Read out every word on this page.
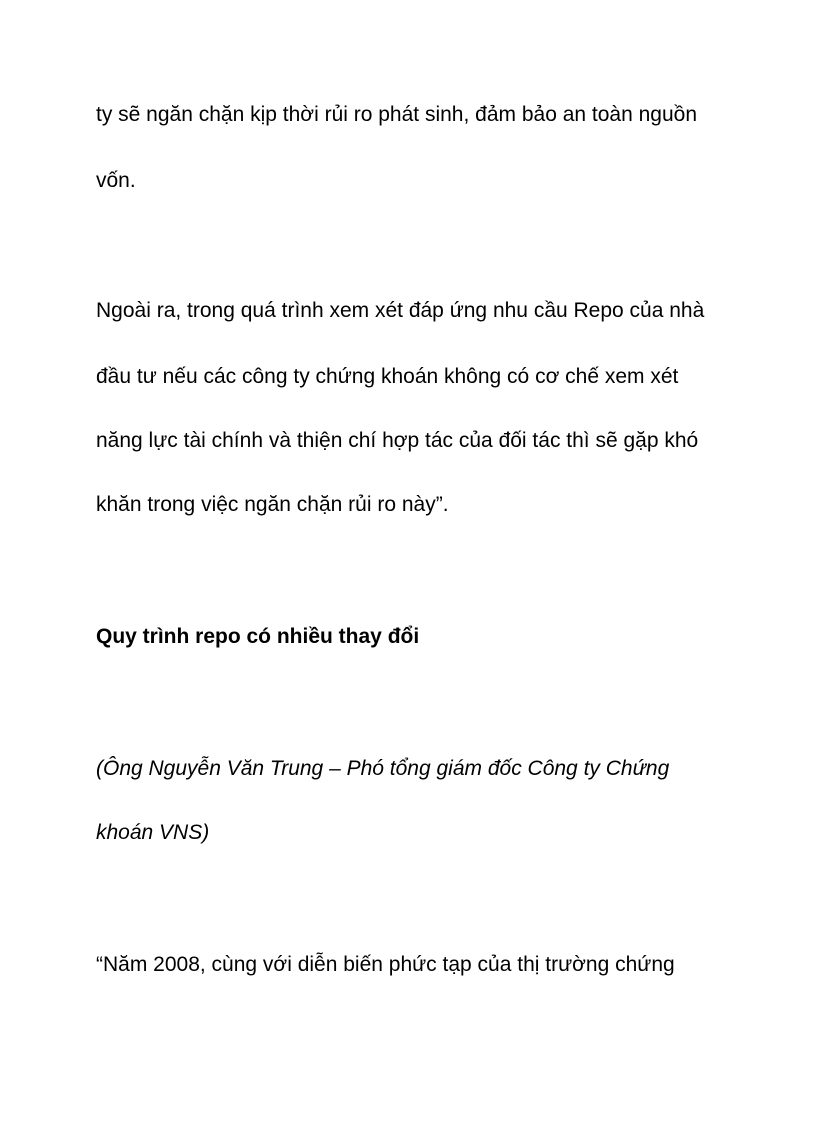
ty sẽ ngăn chặn kịp thời rủi ro phát sinh, đảm bảo an toàn nguồn

vốn.

Ngoài ra, trong quá trình xem xét đáp ứng nhu cầu Repo của nhà

đầu tư nếu các công ty chứng khoán không có cơ chế xem xét

năng lực tài chính và thiện chí hợp tác của đối tác thì sẽ gặp khó

khăn trong việc ngăn chặn rủi ro này”.

Quy trình repo có nhiều thay đổi

(Ông Nguyễn Văn Trung – Phó tổng giám đốc Công ty Chứng

khoán VNS)

“Năm 2008, cùng với diễn biến phức tạp của thị trường chứng
